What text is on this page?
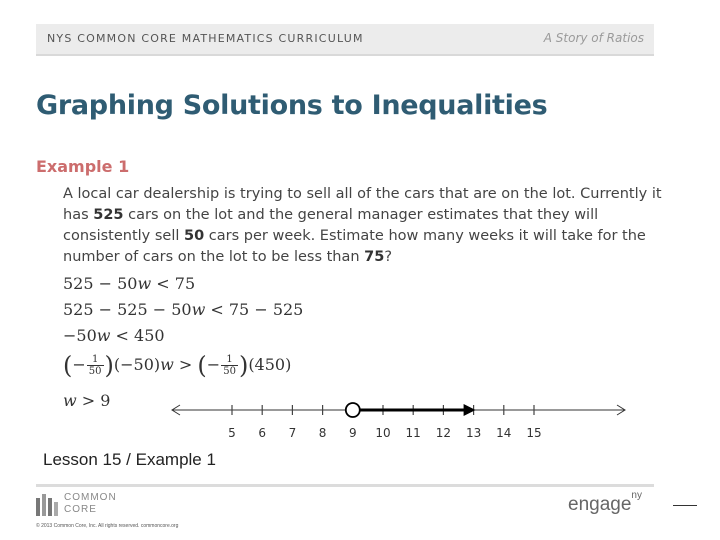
NYS COMMON CORE MATHEMATICS CURRICULUM	A Story of Ratios
Graphing Solutions to Inequalities
Example 1
A local car dealership is trying to sell all of the cars that are on the lot. Currently it has 525 cars on the lot and the general manager estimates that they will consistently sell 50 cars per week. Estimate how many weeks it will take for the number of cars on the lot to be less than 75?
525 − 50w < 75
525 − 525 − 50w < 75 − 525
−50w < 450
(− $\frac{1}{50} )(-50)w$ > (− $\frac{1}{50} )(450)$
w > 9
5 6 7 8 9 10 11 12 13 14 15
Lesson 15 / Example 1
COMMON
CORE
© 2013 Common Core, Inc. All rights reserved. commoncore.org
engage$^{ny}$
